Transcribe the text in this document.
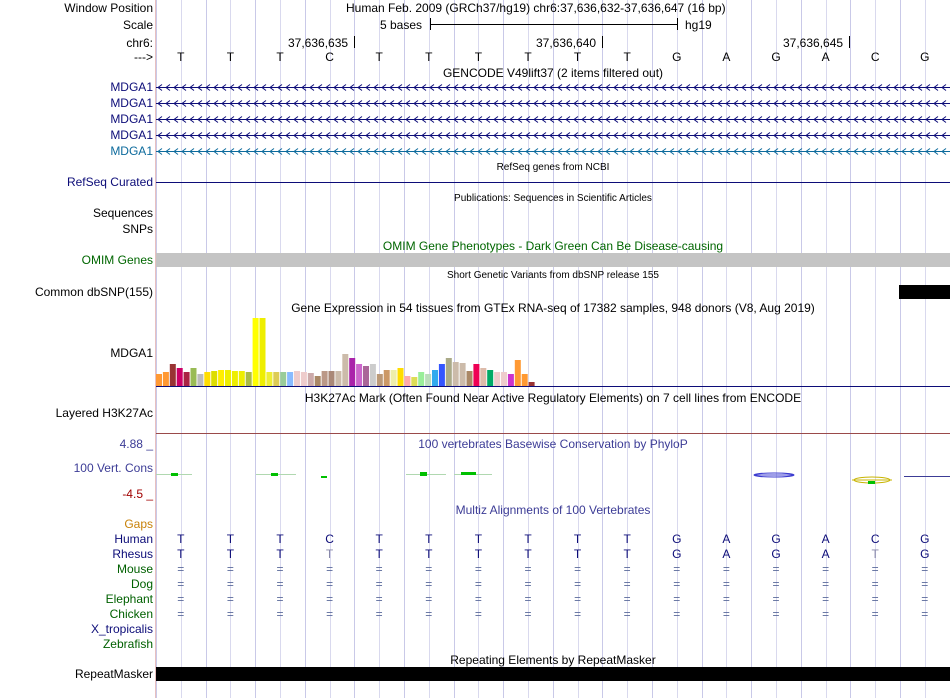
Window Position	Human Feb. 2009 (GRCh37/hg19) chr6:37,636,632-37,636,647 (16 bp)
Scale	5 bases	hg19
chr6:	37,636,635	37,636,640	37,636,645
--->	T	T	T	C	T	T	T	T	T	T	G	A	G	A	C	G
GENCODE V49lift37 (2 items filtered out)
MDGA1
MDGA1
MDGA1
MDGA1
MDGA1
RefSeq genes from NCBI
RefSeq Curated
Publications: Sequences in Scientific Articles
Sequences
SNPs
OMIM Gene Phenotypes - Dark Green Can Be Disease-causing
OMIM Genes
Short Genetic Variants from dbSNP release 155
Common dbSNP(155)
Gene Expression in 54 tissues from GTEx RNA-seq of 17382 samples, 948 donors (V8, Aug 2019)
MDGA1
H3K27Ac Mark (Often Found Near Active Regulatory Elements) on 7 cell lines from ENCODE
Layered H3K27Ac
100 vertebrates Basewise Conservation by PhyloP
4.88 _
100 Vert. Cons
-4.5 _
Multiz Alignments of 100 Vertebrates
Gaps
Human	T	T	T	C	T	T	T	T	T	T	G	A	G	A	C	G
Rhesus	T	T	T	T	T	T	T	T	T	T	G	A	G	A	T	G
Mouse	=	=	=	=	=	=	=	=	=	=	=	=	=	=	=	=
Dog	=	=	=	=	=	=	=	=	=	=	=	=	=	=	=	=
Elephant	=	=	=	=	=	=	=	=	=	=	=	=	=	=	=	=
Chicken	=	=	=	=	=	=	=	=	=	=	=	=	=	=	=	=
X_tropicalis
Zebrafish
Repeating Elements by RepeatMasker
RepeatMasker
